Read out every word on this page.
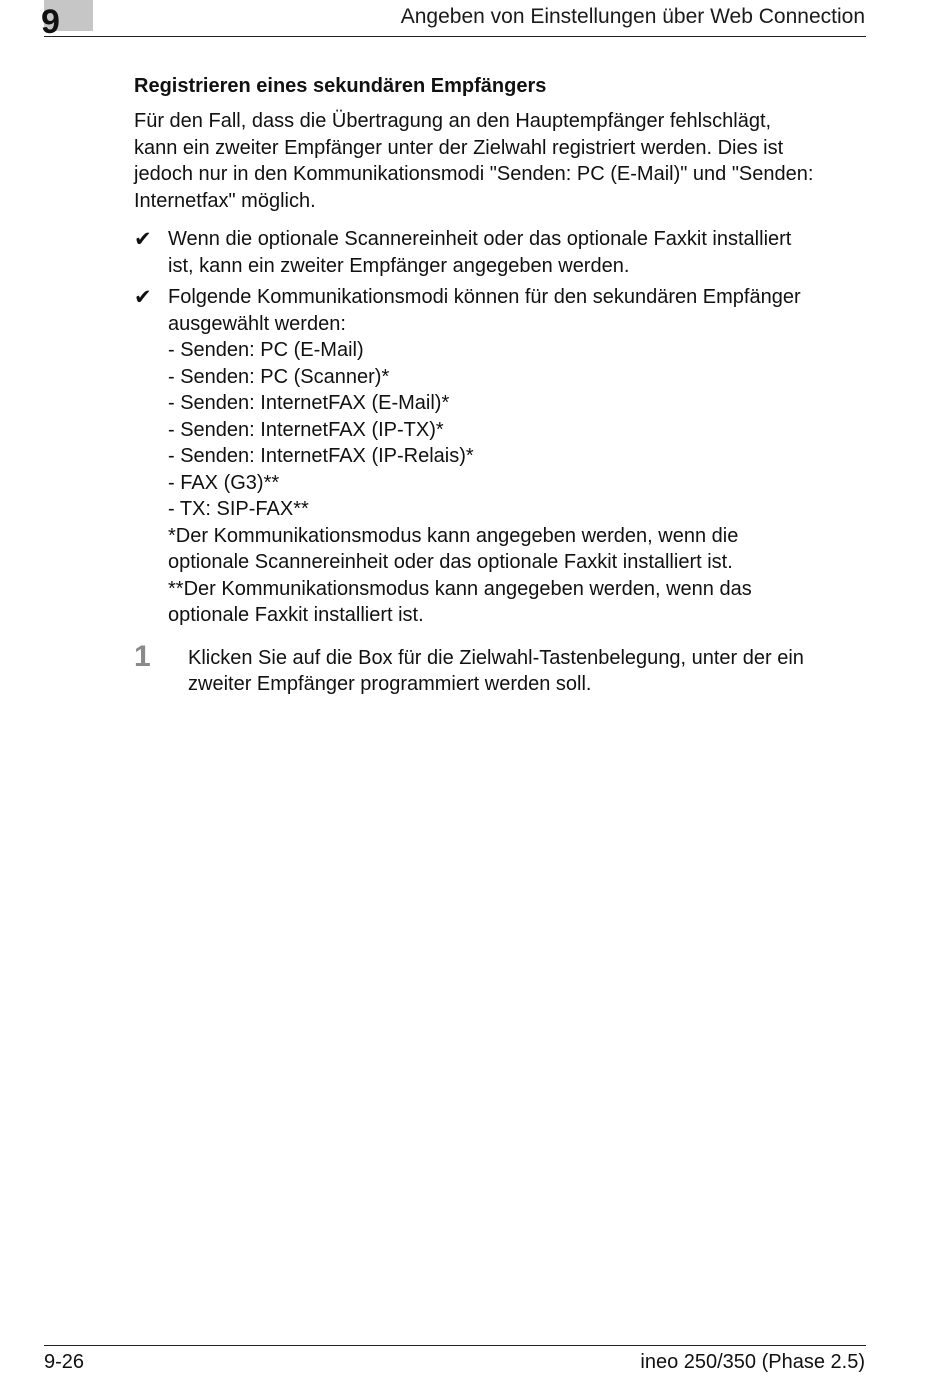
9	Angeben von Einstellungen über Web Connection
Registrieren eines sekundären Empfängers

Für den Fall, dass die Übertragung an den Hauptempfänger fehlschlägt,
kann ein zweiter Empfänger unter der Zielwahl registriert werden. Dies ist
jedoch nur in den Kommunikationsmodi "Senden: PC (E-Mail)" und "Senden:
Internetfax" möglich.

✔ Wenn die optionale Scannereinheit oder das optionale Faxkit installiert
ist, kann ein zweiter Empfänger angegeben werden.
✔ Folgende Kommunikationsmodi können für den sekundären Empfänger
ausgewählt werden:
- Senden: PC (E-Mail)
- Senden: PC (Scanner)*
- Senden: InternetFAX (E-Mail)*
- Senden: InternetFAX (IP-TX)*
- Senden: InternetFAX (IP-Relais)*
- FAX (G3)**
- TX: SIP-FAX**
*Der Kommunikationsmodus kann angegeben werden, wenn die
optionale Scannereinheit oder das optionale Faxkit installiert ist.
**Der Kommunikationsmodus kann angegeben werden, wenn das
optionale Faxkit installiert ist.
1 Klicken Sie auf die Box für die Zielwahl-Tastenbelegung, unter der ein
zweiter Empfänger programmiert werden soll.
9-26	ineo 250/350 (Phase 2.5)
